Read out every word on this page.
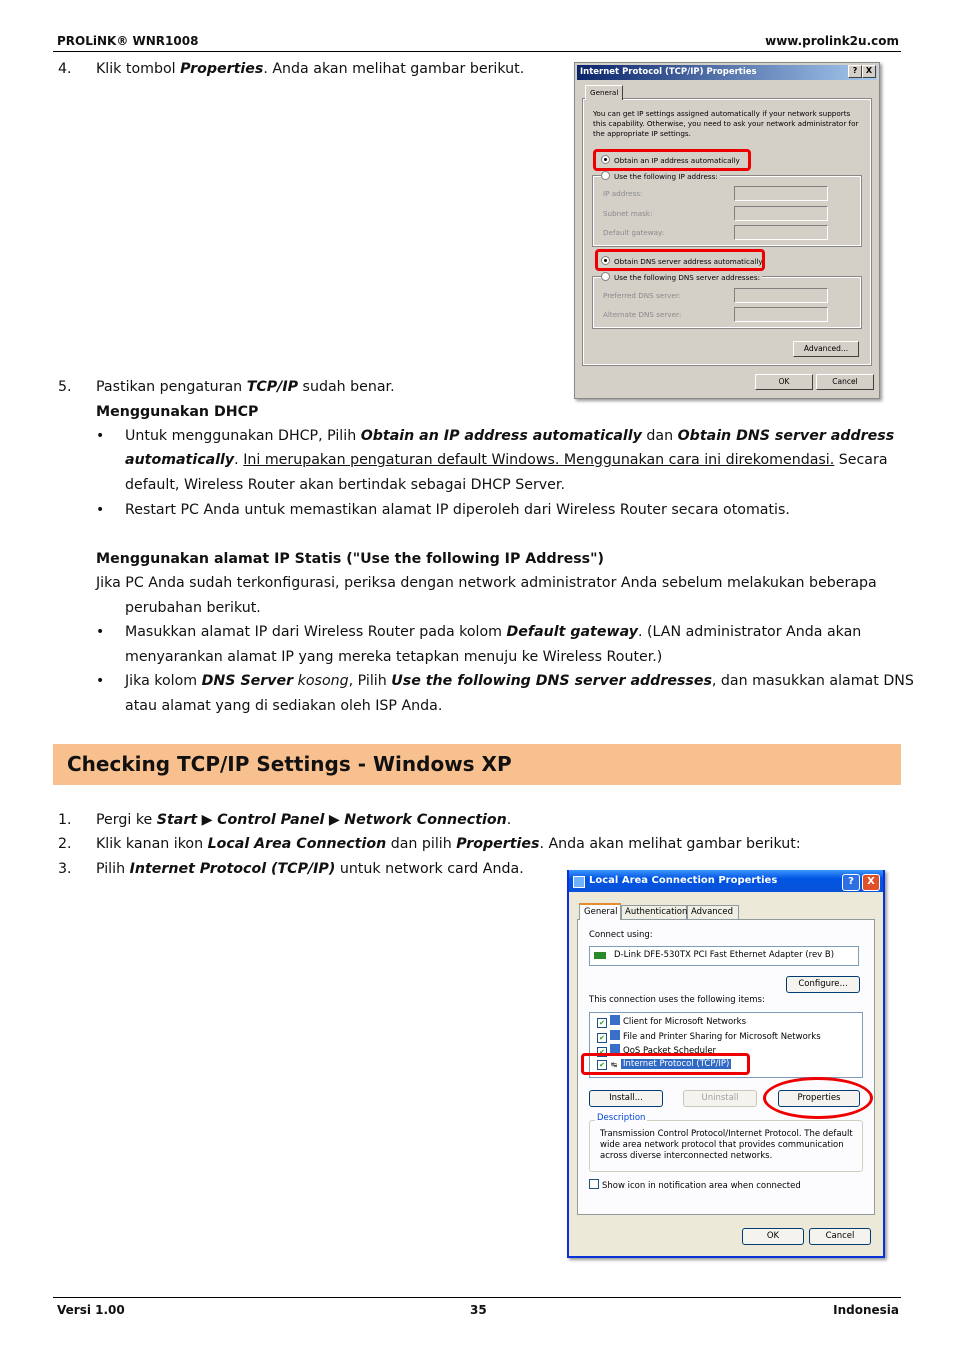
PROLiNK® WNR1008	www.prolink2u.com
4. Klik tombol Properties. Anda akan melihat gambar berikut.	Internet Protocol (TCP/IP) Properties	?	X
General
You can get IP settings assigned automatically if your network supports
this capability. Otherwise, you need to ask your network administrator for
the appropriate IP settings.
Obtain an IP address automatically
Use the following IP address:
IP address:
Subnet mask:
Default gateway:
Obtain DNS server address automatically
Use the following DNS server addresses:
Preferred DNS server:
Alternate DNS server:
Advanced...
OK	Cancel
5. Pastikan pengaturan TCP/IP sudah benar.
Menggunakan DHCP
• Untuk menggunakan DHCP, Pilih Obtain an IP address automatically dan Obtain DNS server address
automatically. Ini merupakan pengaturan default Windows. Menggunakan cara ini direkomendasi. Secara
default, Wireless Router akan bertindak sebagai DHCP Server.
• Restart PC Anda untuk memastikan alamat IP diperoleh dari Wireless Router secara otomatis.
Menggunakan alamat IP Statis ("Use the following IP Address")
Jika PC Anda sudah terkonfigurasi, periksa dengan network administrator Anda sebelum melakukan beberapa
perubahan berikut.
• Masukkan alamat IP dari Wireless Router pada kolom Default gateway. (LAN administrator Anda akan
menyarankan alamat IP yang mereka tetapkan menuju ke Wireless Router.)
• Jika kolom DNS Server kosong, Pilih Use the following DNS server addresses, dan masukkan alamat DNS
atau alamat yang di sediakan oleh ISP Anda.
Checking TCP/IP Settings - Windows XP
1. Pergi ke Start ▶ Control Panel ▶ Network Connection.
2. Klik kanan ikon Local Area Connection dan pilih Properties. Anda akan melihat gambar berikut:
3. Pilih Internet Protocol (TCP/IP) untuk network card Anda.
Local Area Connection Properties	?	X
General Authentication Advanced
Connect using:
D-Link DFE-530TX PCI Fast Ethernet Adapter (rev B)
Configure...
This connection uses the following items:
✔ Client for Microsoft Networks
✔ File and Printer Sharing for Microsoft Networks
✔ QoS Packet Scheduler
✔ ↹ Internet Protocol (TCP/IP)
Install...	Uninstall	Properties
Description
Transmission Control Protocol/Internet Protocol. The default
wide area network protocol that provides communication
across diverse interconnected networks.
Show icon in notification area when connected
OK	Cancel
Versi 1.00	35	Indonesia
